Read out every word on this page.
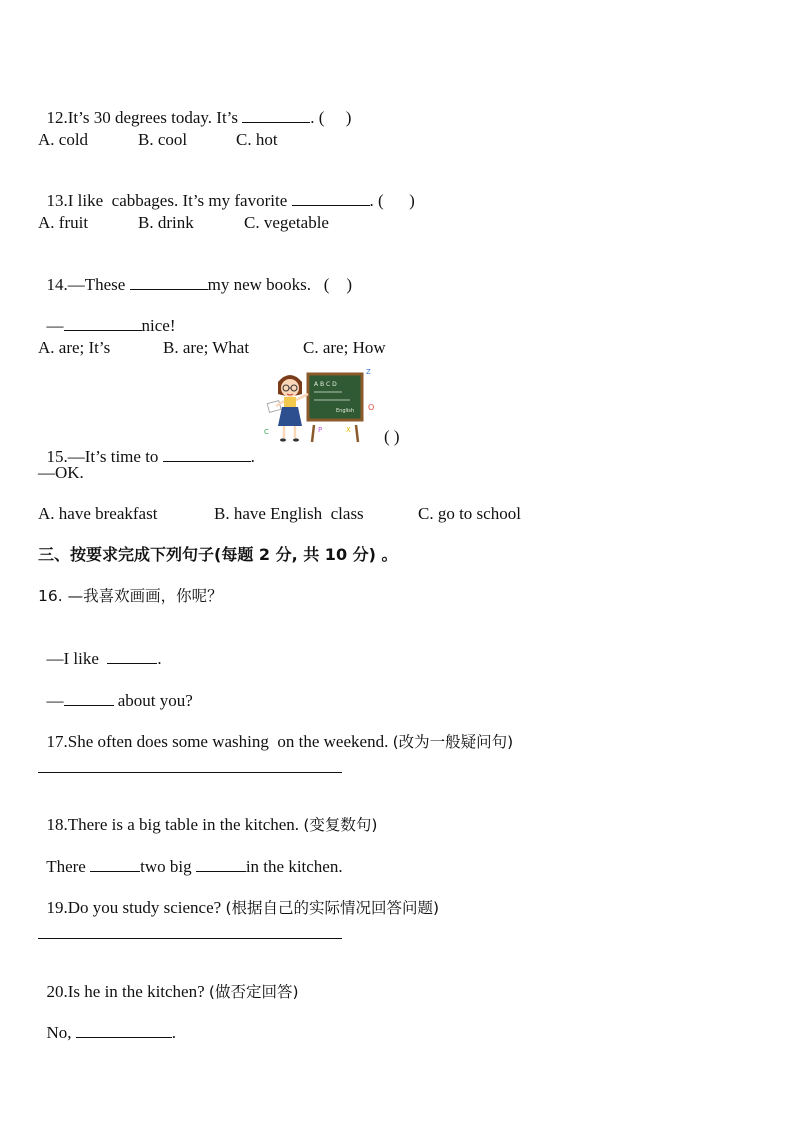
12.It’s 30 degrees today. It’s	. (     )

A. cold	B. cool	C. hot

13.I like  cabbages. It’s my favorite	. (      )

A. fruit	B. drink	C. vegetable

14.—These	my new books.   (    )

—	nice!

A. are; It’s	B. are; What	C. are; How

15.—It’s time to	.

( )
A B C D
English
Z
O
P	X
C
—OK.
A. have breakfast	B. have English  class	C. go to school
三、按要求完成下列句子(每题 2 分, 共 10 分) 。
16. —我喜欢画画，你呢？

—I like	.

—	about you?

17.She often does some washing  on the weekend. (改为一般疑问句)

18.There is a big table in the kitchen. (变复数句)

There	two big	in the kitchen.

19.Do you study science? (根据自己的实际情况回答问题)

20.Is he in the kitchen? (做否定回答)

No,	.
